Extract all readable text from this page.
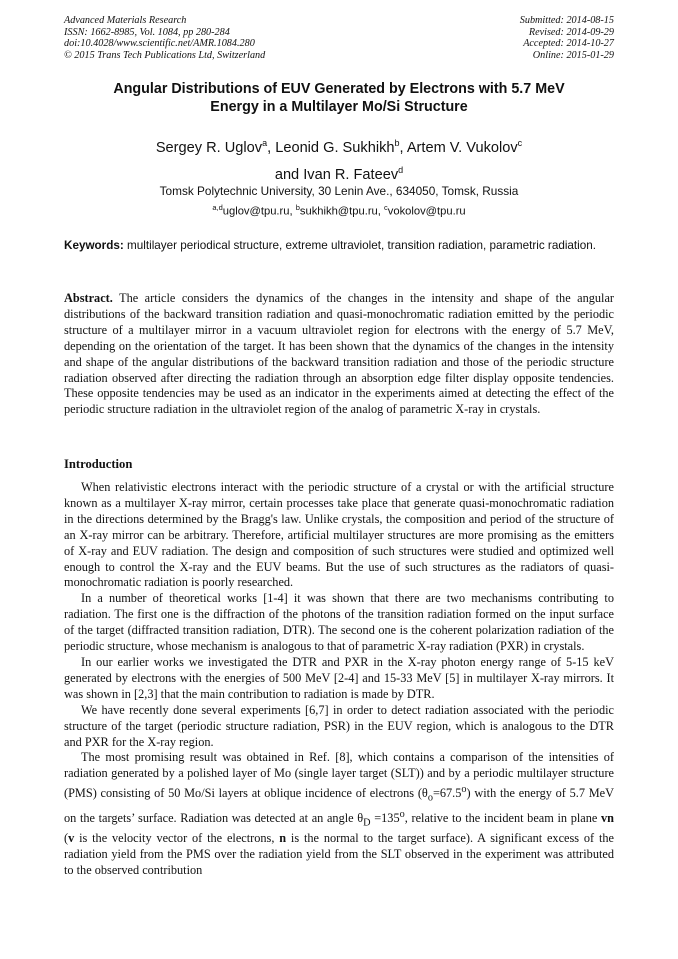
Advanced Materials Research
ISSN: 1662-8985, Vol. 1084, pp 280-284
doi:10.4028/www.scientific.net/AMR.1084.280
© 2015 Trans Tech Publications Ltd, Switzerland
Submitted: 2014-08-15
Revised: 2014-09-29
Accepted: 2014-10-27
Online: 2015-01-29
Angular Distributions of EUV Generated by Electrons with 5.7 MeV
Energy in a Multilayer Mo/Si Structure
Sergey R. Uglov$^a$, Leonid G. Sukhikh$^b$, Artem V. Vukolov$^c$
and Ivan R. Fateev$^d$
Tomsk Polytechnic University, 30 Lenin Ave., 634050, Tomsk, Russia
$^{a,d}$uglov@tpu.ru, $^b$sukhikh@tpu.ru, $^c$vokolov@tpu.ru
Keywords: multilayer periodical structure, extreme ultraviolet, transition radiation, parametric radiation.
Abstract. The article considers the dynamics of the changes in the intensity and shape of the angular distributions of the backward transition radiation and quasi-monochromatic radiation emitted by the periodic structure of a multilayer mirror in a vacuum ultraviolet region for electrons with the energy of 5.7 MeV, depending on the orientation of the target. It has been shown that the dynamics of the changes in the intensity and shape of the angular distributions of the backward transition radiation and those of the periodic structure radiation observed after directing the radiation through an absorption edge filter display opposite tendencies. These opposite tendencies may be used as an indicator in the experiments aimed at detecting the effect of the periodic structure radiation in the ultraviolet region of the analog of parametric X-ray in crystals.
Introduction

When relativistic electrons interact with the periodic structure of a crystal or with the artificial structure known as a multilayer X-ray mirror, certain processes take place that generate quasi-monochromatic radiation in the directions determined by the Bragg's law. Unlike crystals, the composition and period of the structure of an X-ray mirror can be arbitrary. Therefore, artificial multilayer structures are more promising as the emitters of X-ray and EUV radiation. The design and composition of such structures were studied and optimized well enough to control the X-ray and the EUV beams. But the use of such structures as the radiators of quasi-monochromatic radiation is poorly researched.

In a number of theoretical works [1-4] it was shown that there are two mechanisms contributing to radiation. The first one is the diffraction of the photons of the transition radiation formed on the input surface of the target (diffracted transition radiation, DTR). The second one is the coherent polarization radiation of the periodic structure, whose mechanism is analogous to that of parametric X-ray radiation (PXR) in crystals.

In our earlier works we investigated the DTR and PXR in the X-ray photon energy range of 5-15 keV generated by electrons with the energies of 500 MeV [2-4] and 15-33 MeV [5] in multilayer X-ray mirrors. It was shown in [2,3] that the main contribution to radiation is made by DTR.

We have recently done several experiments [6,7] in order to detect radiation associated with the periodic structure of the target (periodic structure radiation, PSR) in the EUV region, which is analogous to the DTR and PXR for the X-ray region.

The most promising result was obtained in Ref. [8], which contains a comparison of the intensities of radiation generated by a polished layer of Mo (single layer target (SLT)) and by a periodic multilayer structure (PMS) consisting of 50 Mo/Si layers at oblique incidence of electrons $(\theta_o=67.5^o)$ with the energy of 5.7 MeV on the targets’ surface. Radiation was detected at an angle $\theta_D =135^o$, relative to the incident beam in plane vn (v is the velocity vector of the electrons, n is the normal to the target surface). A significant excess of the radiation yield from the PMS over the radiation yield from the SLT observed in the experiment was attributed to the observed contribution
